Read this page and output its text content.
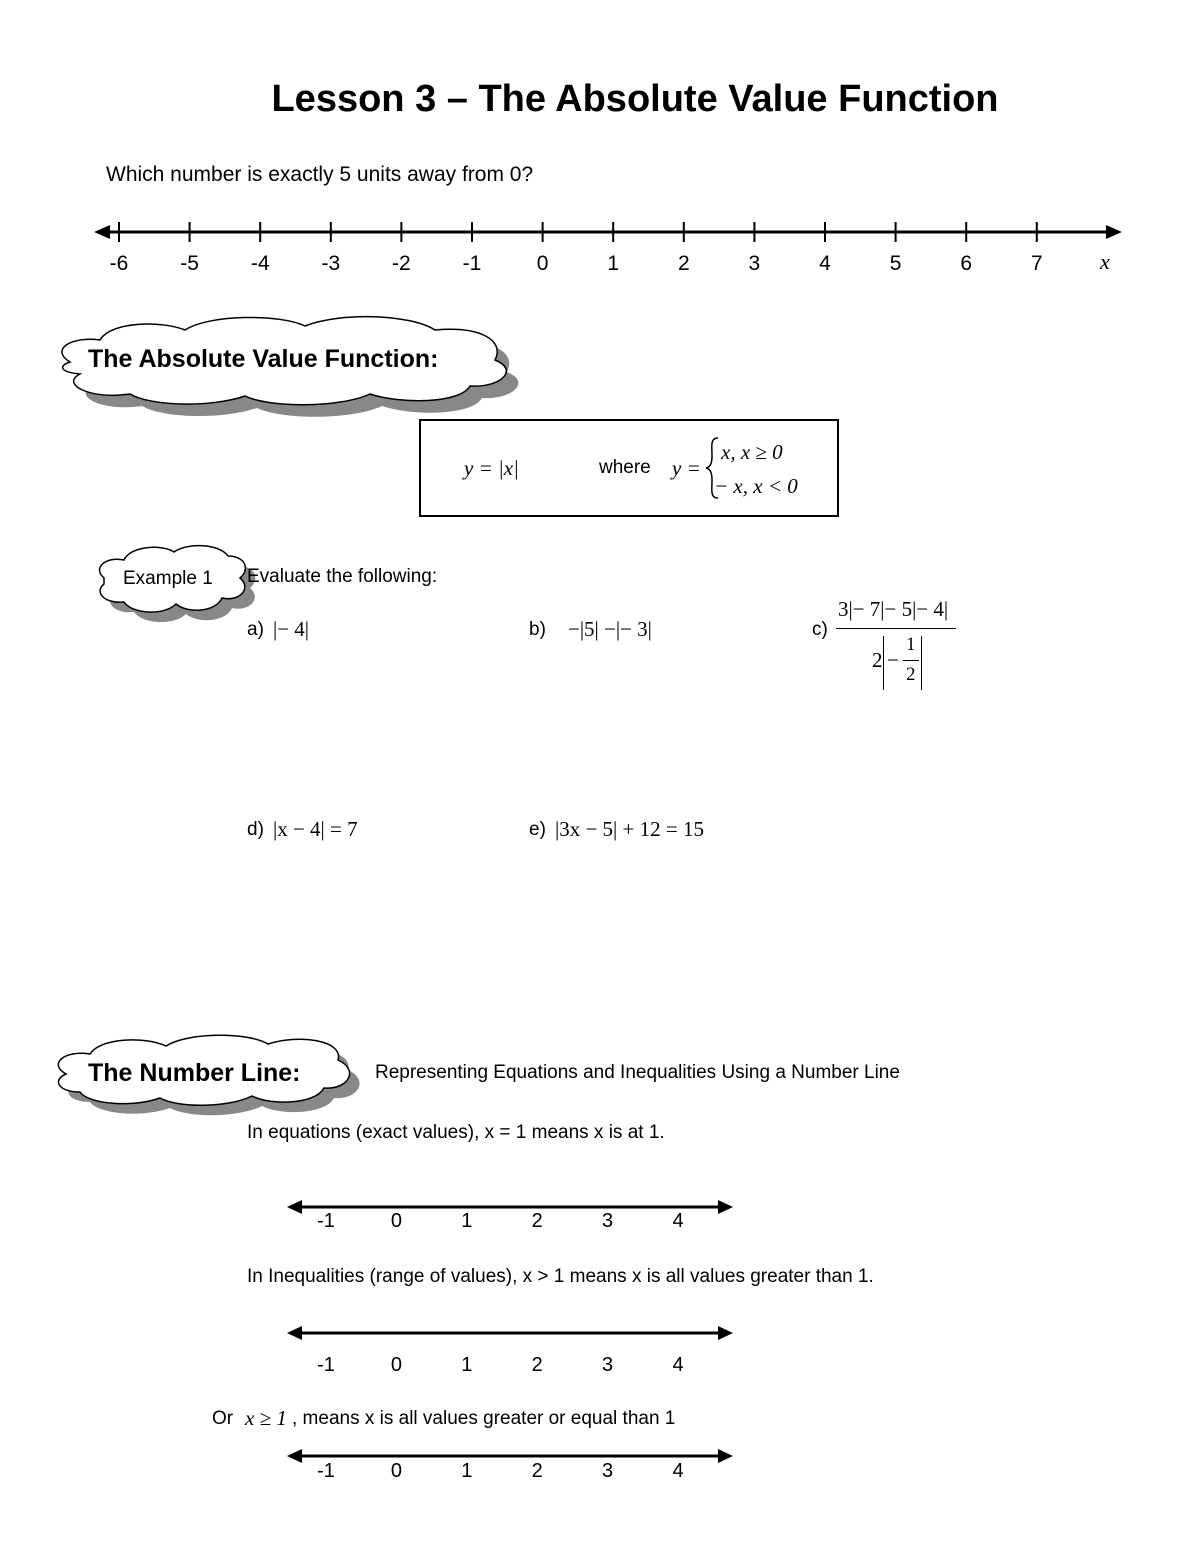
Lesson 3 – The Absolute Value Function
Which number is exactly 5 units away from 0?
-6 -5 -4 -3 -2 -1	0	1	2	3	4	5	6	7	x
The Absolute Value Function:
y = |x|	where y =
x, x ≥ 0
− x, x < 0
Example 1 Evaluate the following:
a) |− 4|	b) −|5| −|− 3|	c)
3|− 7|− 5|− 4|
2 −
1
2
d) |x − 4| = 7	e) |3x − 5| + 12 = 15
The Number Line:	Representing Equations and Inequalities Using a Number Line
In equations (exact values), x = 1 means x is at 1.
-1	0	1	2	3	4
In Inequalities (range of values), x > 1 means x is all values greater than 1.
-1	0	1	2	3	4
Or x ≥ 1 , means x is all values greater or equal than 1
-1	0	1	2	3	4
